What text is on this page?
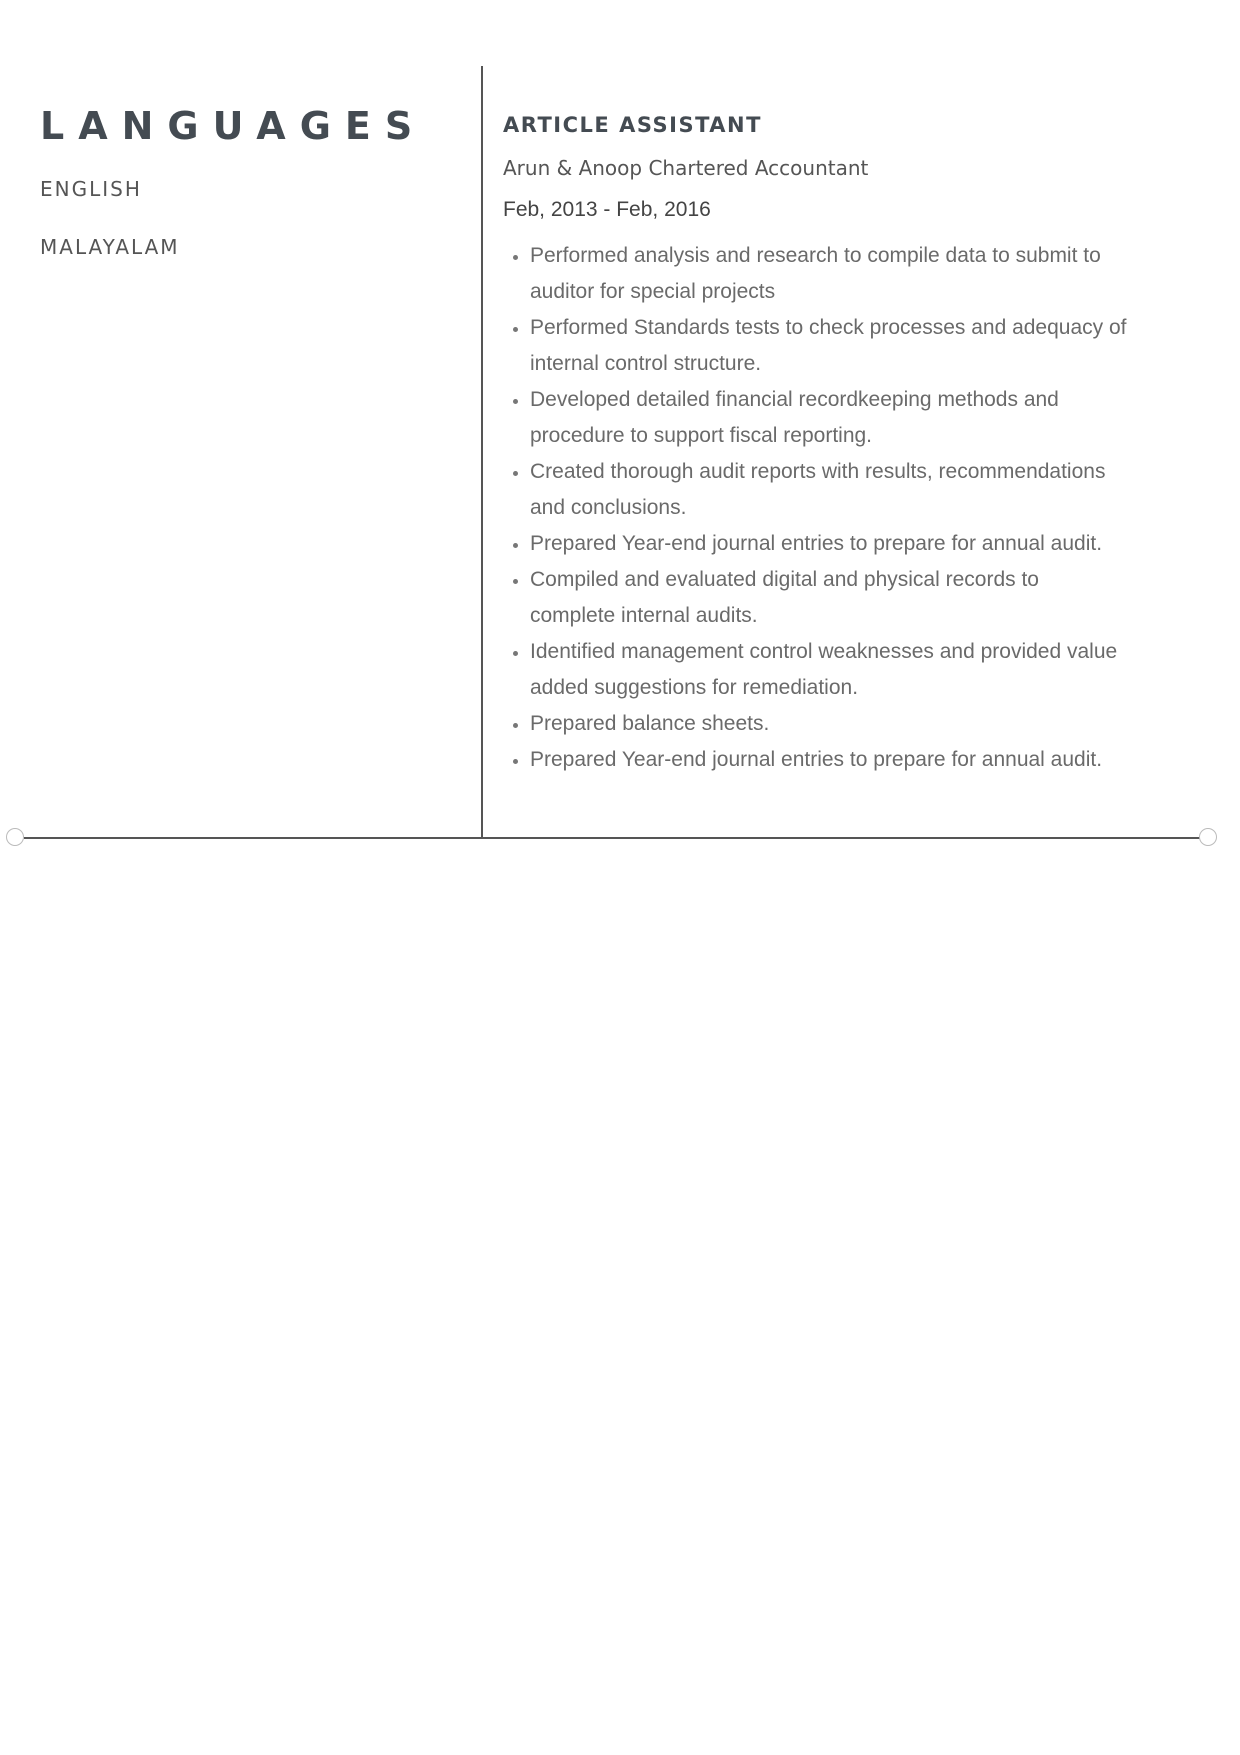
LANGUAGES
ENGLISH
MALAYALAM
ARTICLE ASSISTANT

Arun & Anoop Chartered Accountant

Feb, 2013 - Feb, 2016

• Performed analysis and research to compile data to submit to auditor for special projects
• Performed Standards tests to check processes and adequacy of internal control structure.
• Developed detailed financial recordkeeping methods and procedure to support fiscal reporting.
• Created thorough audit reports with results, recommendations and conclusions.
• Prepared Year-end journal entries to prepare for annual audit.
• Compiled and evaluated digital and physical records to complete internal audits.
• Identified management control weaknesses and provided value added suggestions for remediation.
• Prepared balance sheets.
• Prepared Year-end journal entries to prepare for annual audit.
